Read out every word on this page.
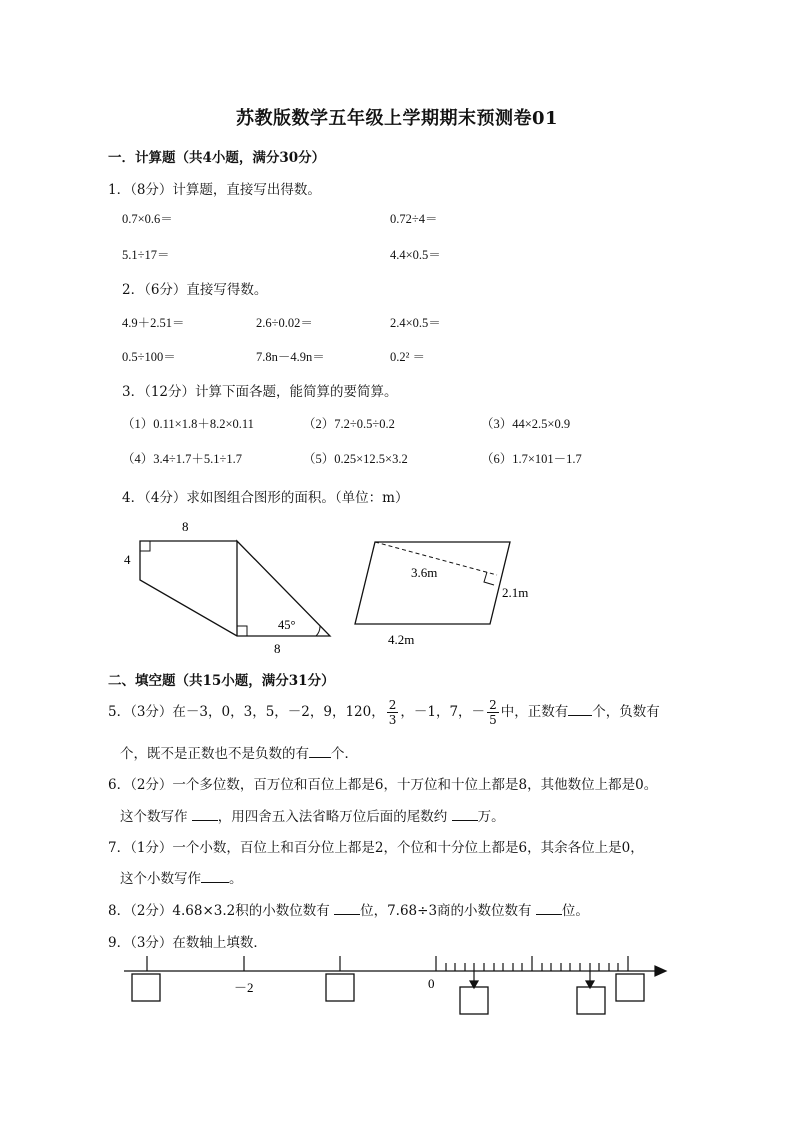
苏教版数学五年级上学期期末预测卷01
一．计算题（共4小题，满分30分）
1．（8分）计算题，直接写出得数。
0.7×0.6＝	0.72÷4＝
5.1÷17＝	4.4×0.5＝
2．（6分）直接写得数。
4.9＋2.51＝	2.6÷0.02＝	2.4×0.5＝
0.5÷100＝	7.8n－4.9n＝	0.2² ＝
3．（12分）计算下面各题，能简算的要简算。
（1）0.11×1.8＋8.2×0.11	（2）7.2÷0.5÷0.2	（3）44×2.5×0.9
（4）3.4÷1.7＋5.1÷1.7	（5）0.25×12.5×3.2	（6）1.7×101－1.7
4．（4分）求如图组合图形的面积。（单位：m）
8
4
8
45°
3.6m
2.1m
4.2m
二、填空题（共15小题，满分31分）
5．（3分）在－3，0，3，5，－2，9，120， $\frac{2}{3}$ ，－1，7，－ $\frac{2}{5}$ 中，正数有 个，负数有
个，既不是正数也不是负数的有 个．
6．（2分）一个多位数，百万位和百位上都是6，十万位和十位上都是8，其他数位上都是0。
这个数写作 ，用四舍五入法省略万位后面的尾数约 万。
7．（1分）一个小数，百位上和百分位上都是2，个位和十分位上都是6，其余各位上是0，
这个小数写作 。
8．（2分）4.68×3.2积的小数位数有 位，7.68÷3商的小数位数有 位。
9．（3分）在数轴上填数．
－2	0
